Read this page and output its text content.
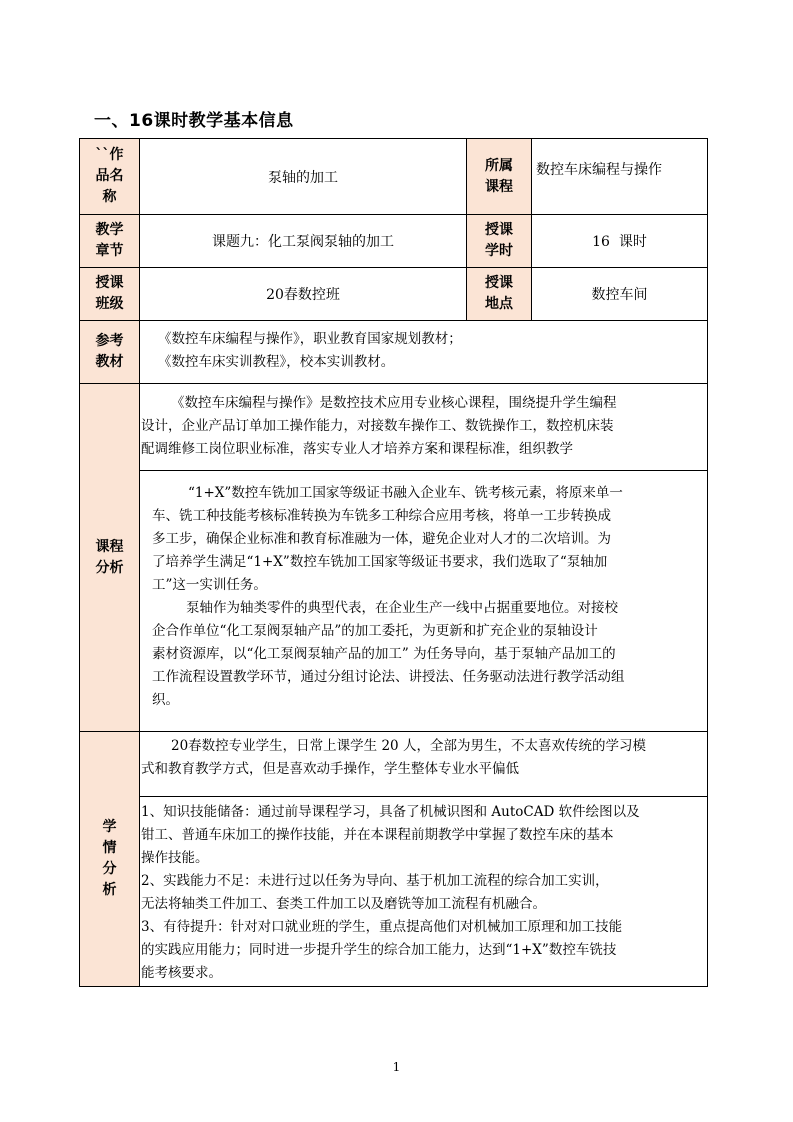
一、16课时教学基本信息
``作
品名
称
泵轴的加工
所属
课程
数控车床编程与操作
教学
章节
课题九：化工泵阀泵轴的加工
授课
学时
16  课时
授课
班级
20春数控班
授课
地点
数控车间
参考
教材
《数控车床编程与操作》，职业教育国家规划教材；
《数控车床实训教程》，校本实训教材。
课程
分析
《数控车床编程与操作》是数控技术应用专业核心课程，围绕提升学生编程
设计，企业产品订单加工操作能力，对接数车操作工、数铣操作工，数控机床装
配调维修工岗位职业标准，落实专业人才培养方案和课程标准，组织教学
“1+X”数控车铣加工国家等级证书融入企业车、铣考核元素，将原来单一
车、铣工种技能考核标准转换为车铣多工种综合应用考核，将单一工步转换成
多工步，确保企业标准和教育标准融为一体，避免企业对人才的二次培训。为
了培养学生满足“1+X”数控车铣加工国家等级证书要求，我们选取了“泵轴加
工”这一实训任务。
泵轴作为轴类零件的典型代表，在企业生产一线中占据重要地位。对接校
企合作单位“化工泵阀泵轴产品”的加工委托，为更新和扩充企业的泵轴设计
素材资源库，以“化工泵阀泵轴产品的加工” 为任务导向，基于泵轴产品加工的
工作流程设置教学环节，通过分组讨论法、讲授法、任务驱动法进行教学活动组
织。
学
情
分
析
20春数控专业学生，日常上课学生 20 人，全部为男生，不太喜欢传统的学习模
式和教育教学方式，但是喜欢动手操作，学生整体专业水平偏低
1、知识技能储备：通过前导课程学习，具备了机械识图和 AutoCAD 软件绘图以及
钳工、普通车床加工的操作技能，并在本课程前期教学中掌握了数控车床的基本
操作技能。
2、实践能力不足：未进行过以任务为导向、基于机加工流程的综合加工实训，
无法将轴类工件加工、套类工件加工以及磨铣等加工流程有机融合。
3、有待提升：针对对口就业班的学生，重点提高他们对机械加工原理和加工技能
的实践应用能力；同时进一步提升学生的综合加工能力，达到“1+X”数控车铣技
能考核要求。
1
